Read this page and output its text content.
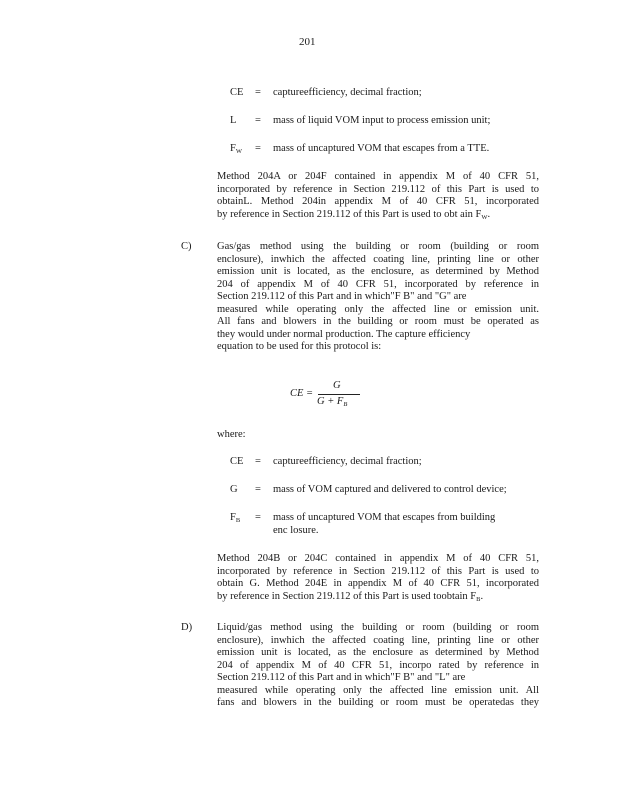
201
CE	=	captureefficiency, decimal fraction;
L	=	mass of liquid VOM input to process emission unit;
$F_W$	=	mass of uncaptured VOM that escapes from a TTE.
Method 204A or 204F contained in appendix M of 40 CFR 51,
incorporated by reference in Section 219.112 of this Part is used to
obtainL. Method 204in appendix M of 40 CFR 51, incorporated
by reference in Section 219.112 of this Part is used to obt ain $F_W$.
C) Gas/gas method using the building or room (building or room
enclosure), inwhich the affected coating line, printing line or other
emission unit is located, as the enclosure, as determined by Method
204 of appendix M of 40 CFR 51, incorporated by reference in
Section 219.112 of this Part and in which"F B" and "G" are
measured while operating only the affected line or emission unit.
All fans and blowers in the building or room must be operated as
they would under normal production. The capture efficiency
equation to be used for this protocol is:
CE =
G
$G + F_B$
where:
CE	=	captureefficiency, decimal fraction;
G	=	mass of VOM captured and delivered to control device;
$F_B$	=	mass of uncaptured VOM that escapes from building
enc losure.
Method 204B or 204C contained in appendix M of 40 CFR 51,
incorporated by reference in Section 219.112 of this Part is used to
obtain G. Method 204E in appendix M of 40 CFR 51, incorporated
by reference in Section 219.112 of this Part is used toobtain $F_B$.
D) Liquid/gas method using the building or room (building or room
enclosure), inwhich the affected coating line, printing line or other
emission unit is located, as the enclosure as determined by Method
204 of appendix M of 40 CFR 51, incorpo rated by reference in
Section 219.112 of this Part and in which"F B" and "L" are
measured while operating only the affected line emission unit. All
fans and blowers in the building or room must be operatedas they
